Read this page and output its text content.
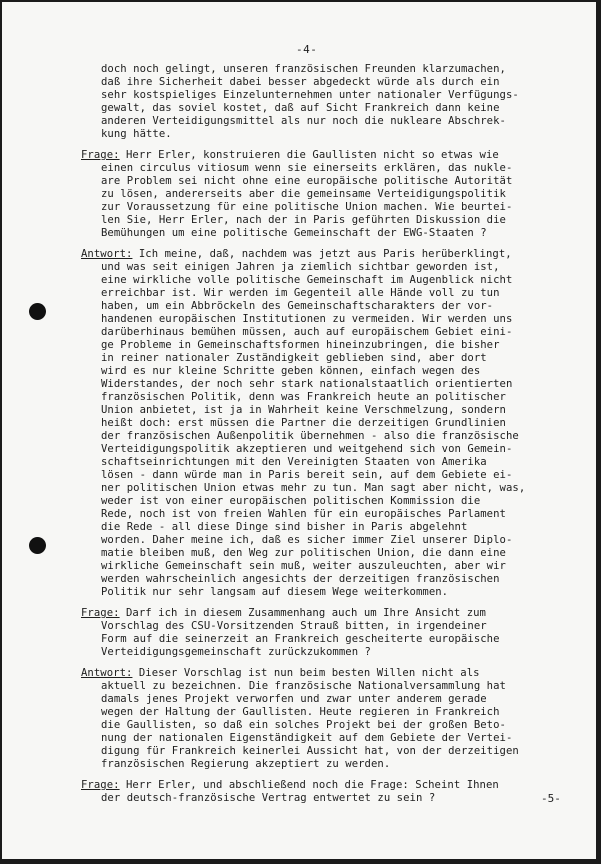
-4-
doch noch gelingt, unseren französischen Freunden klarzumachen,
daß ihre Sicherheit dabei besser abgedeckt würde als durch ein
sehr kostspieliges Einzelunternehmen unter nationaler Verfügungs-
gewalt, das soviel kostet, daß auf Sicht Frankreich dann keine
anderen Verteidigungsmittel als nur noch die nukleare Abschrek-
kung hätte.
Frage: Herr Erler, konstruieren die Gaullisten nicht so etwas wie
einen circulus vitiosum wenn sie einerseits erklären, das nukle-
are Problem sei nicht ohne eine europäische politische Autorität
zu lösen, andererseits aber die gemeinsame Verteidigungspolitik
zur Voraussetzung für eine politische Union machen. Wie beurtei-
len Sie, Herr Erler, nach der in Paris geführten Diskussion die
Bemühungen um eine politische Gemeinschaft der EWG-Staaten ?
Antwort: Ich meine, daß, nachdem was jetzt aus Paris herüberklingt,
und was seit einigen Jahren ja ziemlich sichtbar geworden ist,
eine wirkliche volle politische Gemeinschaft im Augenblick nicht
erreichbar ist. Wir werden im Gegenteil alle Hände voll zu tun
haben, um ein Abbröckeln des Gemeinschaftscharakters der vor-
handenen europäischen Institutionen zu vermeiden. Wir werden uns
darüberhinaus bemühen müssen, auch auf europäischem Gebiet eini-
ge Probleme in Gemeinschaftsformen hineinzubringen, die bisher
in reiner nationaler Zuständigkeit geblieben sind, aber dort
wird es nur kleine Schritte geben können, einfach wegen des
Widerstandes, der noch sehr stark nationalstaatlich orientierten
französischen Politik, denn was Frankreich heute an politischer
Union anbietet, ist ja in Wahrheit keine Verschmelzung, sondern
heißt doch: erst müssen die Partner die derzeitigen Grundlinien
der französischen Außenpolitik übernehmen - also die französische
Verteidigungspolitik akzeptieren und weitgehend sich von Gemein-
schaftseinrichtungen mit den Vereinigten Staaten von Amerika
lösen - dann würde man in Paris bereit sein, auf dem Gebiete ei-
ner politischen Union etwas mehr zu tun. Man sagt aber nicht, was,
weder ist von einer europäischen politischen Kommission die
Rede, noch ist von freien Wahlen für ein europäisches Parlament
die Rede - all diese Dinge sind bisher in Paris abgelehnt
worden. Daher meine ich, daß es sicher immer Ziel unserer Diplo-
matie bleiben muß, den Weg zur politischen Union, die dann eine
wirkliche Gemeinschaft sein muß, weiter auszuleuchten, aber wir
werden wahrscheinlich angesichts der derzeitigen französischen
Politik nur sehr langsam auf diesem Wege weiterkommen.
Frage: Darf ich in diesem Zusammenhang auch um Ihre Ansicht zum
Vorschlag des CSU-Vorsitzenden Strauß bitten, in irgendeiner
Form auf die seinerzeit an Frankreich gescheiterte europäische
Verteidigungsgemeinschaft zurückzukommen ?
Antwort: Dieser Vorschlag ist nun beim besten Willen nicht als
aktuell zu bezeichnen. Die französische Nationalversammlung hat
damals jenes Projekt verworfen und zwar unter anderem gerade
wegen der Haltung der Gaullisten. Heute regieren in Frankreich
die Gaullisten, so daß ein solches Projekt bei der großen Beto-
nung der nationalen Eigenständigkeit auf dem Gebiete der Vertei-
digung für Frankreich keinerlei Aussicht hat, von der derzeitigen
französischen Regierung akzeptiert zu werden.
Frage: Herr Erler, und abschließend noch die Frage: Scheint Ihnen
der deutsch-französische Vertrag entwertet zu sein ?	-5-
